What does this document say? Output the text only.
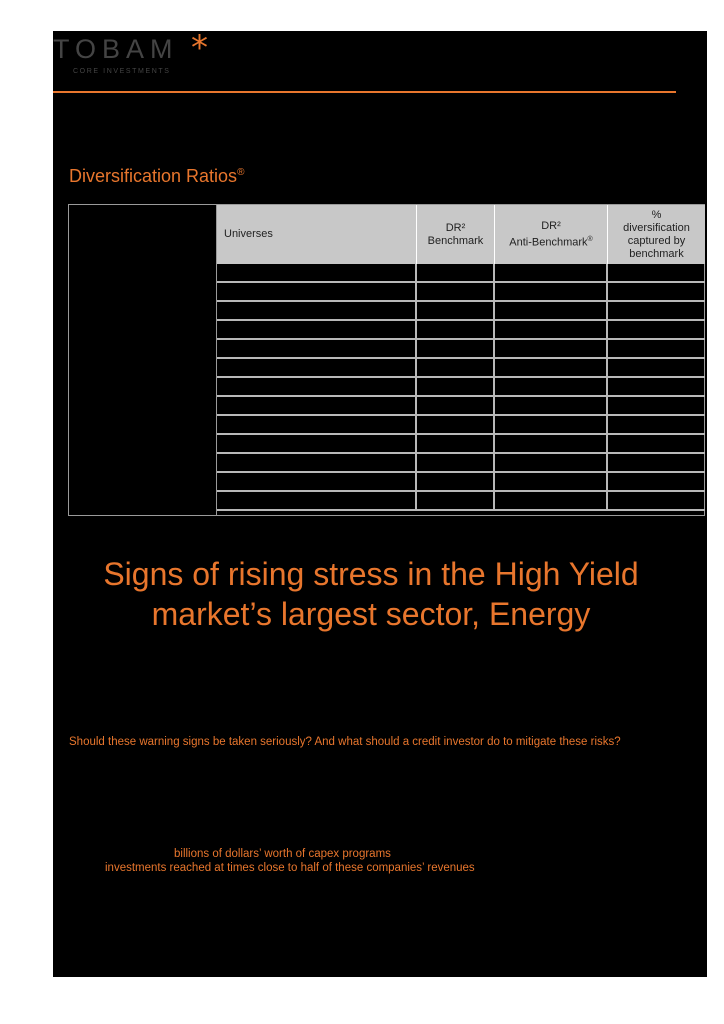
TOBAM *
CORE INVESTMENTS
Diversification Ratios®
Universes
DR²
Benchmark
DR²
Anti-Benchmark®
%
diversification
captured by
benchmark
Signs of rising stress in the High Yield
market’s largest sector, Energy
Should these warning signs be taken seriously? And what should a credit investor do to mitigate these risks?
billions of dollars’ worth of capex programs
investments reached at times close to half of these companies’ revenues
